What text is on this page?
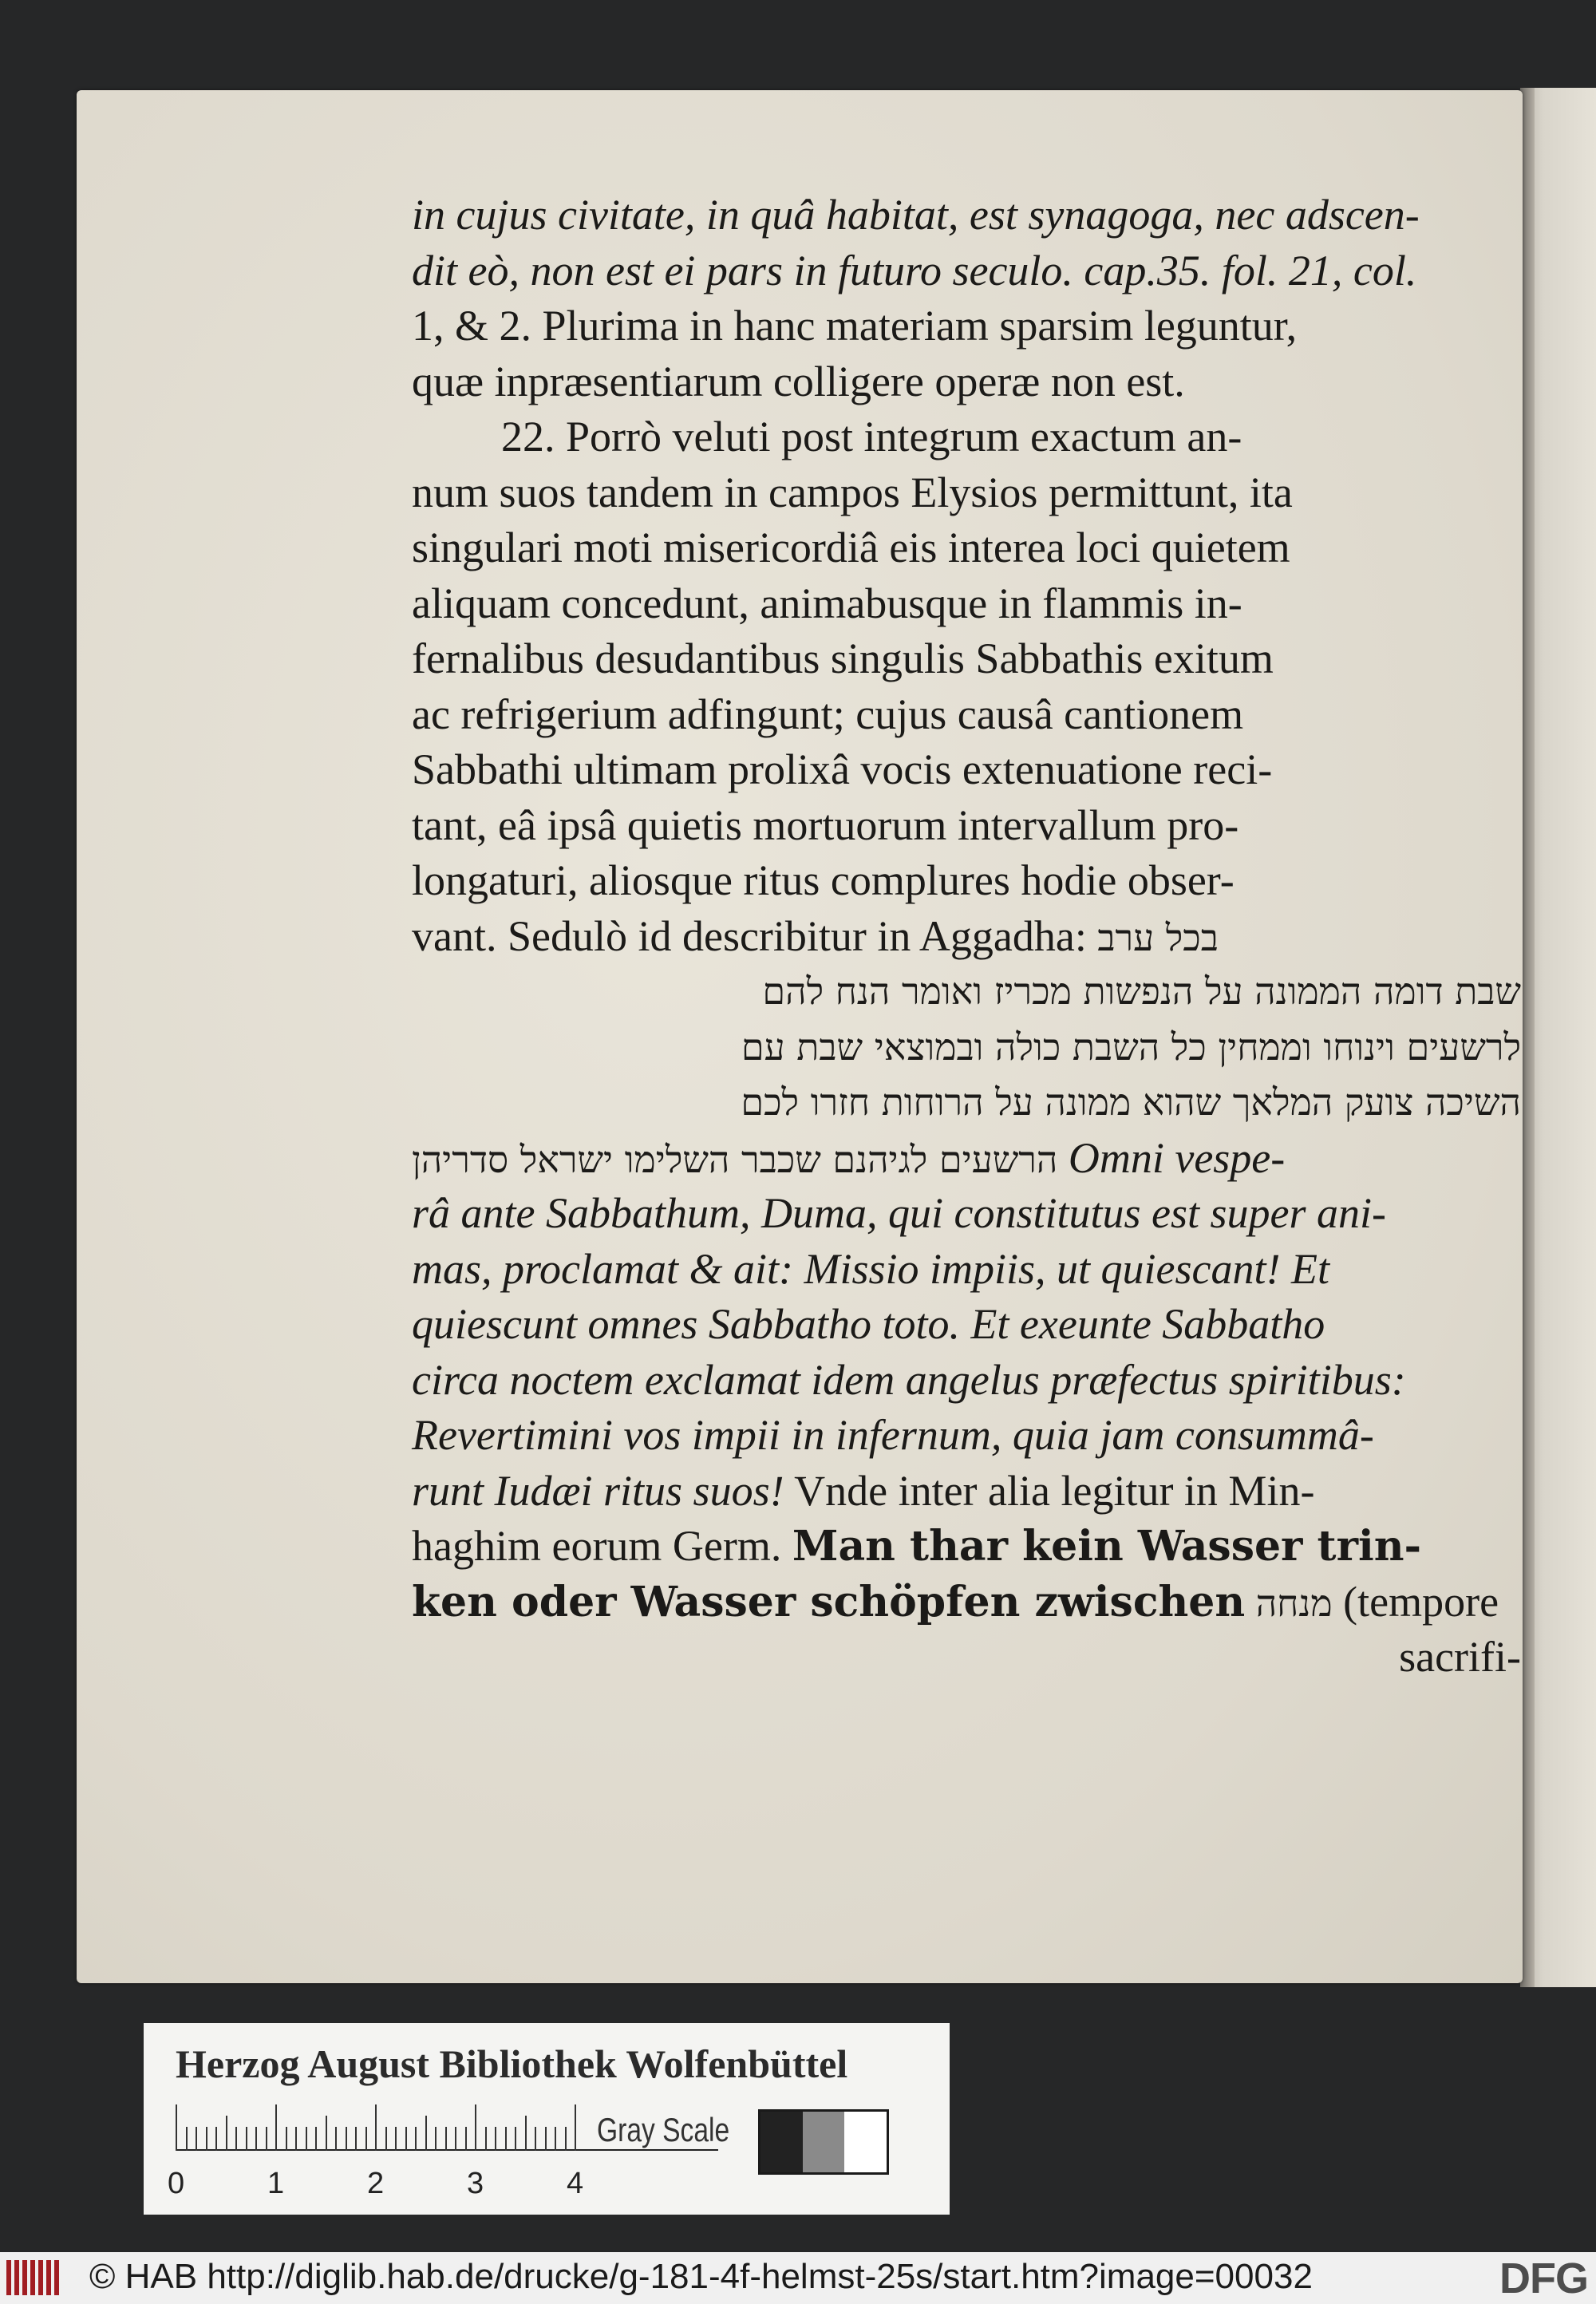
in cujus civitate, in quâ habitat, est synagoga, nec adscen-
dit eò, non est ei pars in futuro seculo. cap.35. fol. 21, col.
1, & 2. Plurima in hanc materiam sparsim leguntur,
quæ inpræsentiarum colligere operæ non est.
22. Porrò veluti post integrum exactum an-
num suos tandem in campos Elysios permittunt, ita
singulari moti misericordiâ eis interea loci quietem
aliquam concedunt, animabusque in flammis in-
fernalibus desudantibus singulis Sabbathis exitum
ac refrigerium adfingunt; cujus causâ cantionem
Sabbathi ultimam prolixâ vocis extenuatione reci-
tant, eâ ipsâ quietis mortuorum intervallum pro-
longaturi, aliosque ritus complures hodie obser-
vant. Sedulò id describitur in Aggadha: בכל ערב
שבת דומה הממונה על הנפשות מכריז ואומר הנח להם
לרשעים וינוחו וממחין כל השבת כולה ובמוצאי שבת עם
השיכה צועק המלאך שהוא ממונה על הרוחות חזרו לכם
הרשעים לגיהנם שכבר השלימו ישראל סדריהן Omni vespe-
râ ante Sabbathum, Duma, qui constitutus est super ani-
mas, proclamat & ait: Missio impiis, ut quiescant! Et
quiescunt omnes Sabbatho toto. Et exeunte Sabbatho
circa noctem exclamat idem angelus præfectus spiritibus:
Revertimini vos impii in infernum, quia jam consummâ-
runt Iudæi ritus suos! Vnde inter alia legitur in Min-
haghim eorum Germ. Man thar kein Wasser trin-
ken oder Wasser schöpfen zwischen מנחה (tempore
sacrifi-
Herzog August Bibliothek Wolfenbüttel
0	1	2	3	4
Gray Scale
© HAB http://diglib.hab.de/drucke/g-181-4f-helmst-25s/start.htm?image=00032	DFG
